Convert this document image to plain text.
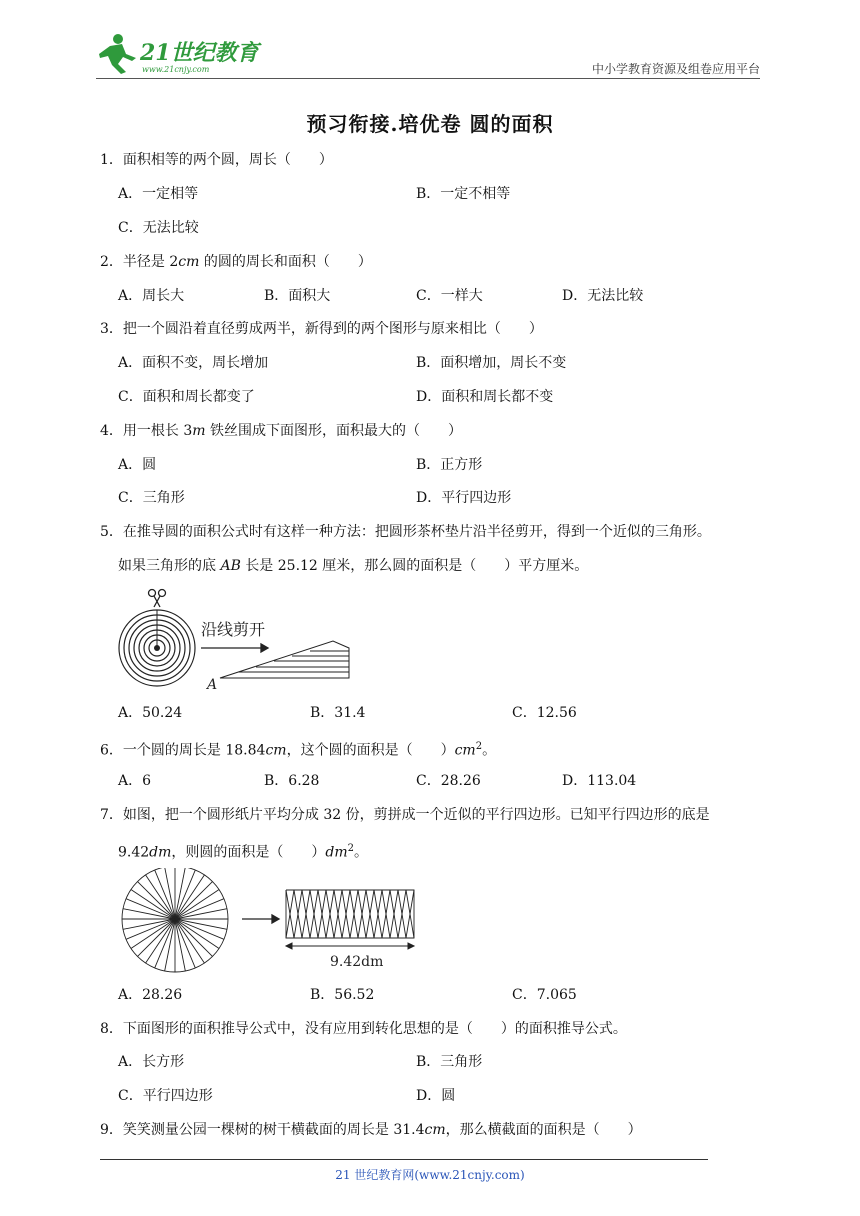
21世纪教育
www.21cnjy.com	中小学教育资源及组卷应用平台
预习衔接.培优卷 圆的面积
1．面积相等的两个圆，周长（　　）
A．一定相等	B．一定不相等
C．无法比较
2．半径是 2cm 的圆的周长和面积（　　）
A．周长大	B．面积大	C．一样大	D．无法比较
3．把一个圆沿着直径剪成两半，新得到的两个图形与原来相比（　　）
A．面积不变，周长增加	B．面积增加，周长不变
C．面积和周长都变了	D．面积和周长都不变
4．用一根长 3m 铁丝围成下面图形，面积最大的（　　）
A．圆	B．正方形
C．三角形	D．平行四边形
5．在推导圆的面积公式时有这样一种方法：把圆形茶杯垫片沿半径剪开，得到一个近似的三角形。
如果三角形的底 AB 长是 25.12 厘米，那么圆的面积是（　　）平方厘米。
沿线剪开
A
A．50.24	B．31.4	C．12.56
6．一个圆的周长是 18.84cm，这个圆的面积是（　　）$cm^2$。
A．6	B．6.28	C．28.26	D．113.04
7．如图，把一个圆形纸片平均分成 32 份，剪拼成一个近似的平行四边形。已知平行四边形的底是
9.42dm，则圆的面积是（　　）$dm^2$。
9.42dm
A．28.26	B．56.52	C．7.065
8．下面图形的面积推导公式中，没有应用到转化思想的是（　　）的面积推导公式。
A．长方形	B．三角形
C．平行四边形	D．圆
9．笑笑测量公园一棵树的树干横截面的周长是 31.4cm，那么横截面的面积是（　　）
21 世纪教育网(www.21cnjy.com)
